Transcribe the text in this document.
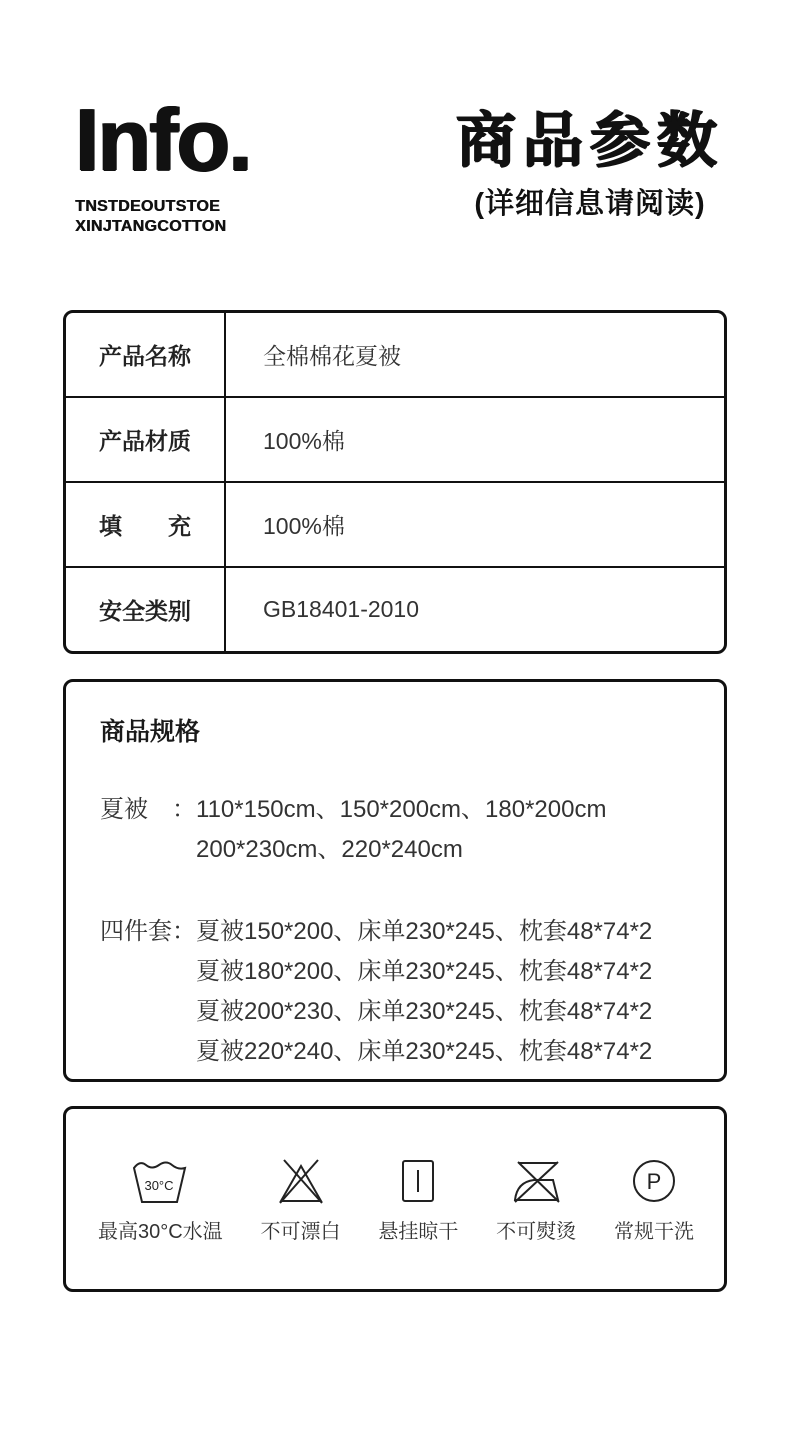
Info.
TNSTDEOUTSTOE
XINJTANGCOTTON
商品参数
(详细信息请阅读)
产品名称	全棉棉花夏被
产品材质	100%棉
填　　充	100%棉
安全类别	GB18401-2010
商品规格
夏被　： 110*150cm、150*200cm、180*200cm
200*230cm、220*240cm
四件套： 夏被150*200、床单230*245、枕套48*74*2
夏被180*200、床单230*245、枕套48*74*2
夏被200*230、床单230*245、枕套48*74*2
夏被220*240、床单230*245、枕套48*74*2
30°C
最高30°C水温 不可漂白 悬挂晾干 不可熨烫
P
常规干洗
